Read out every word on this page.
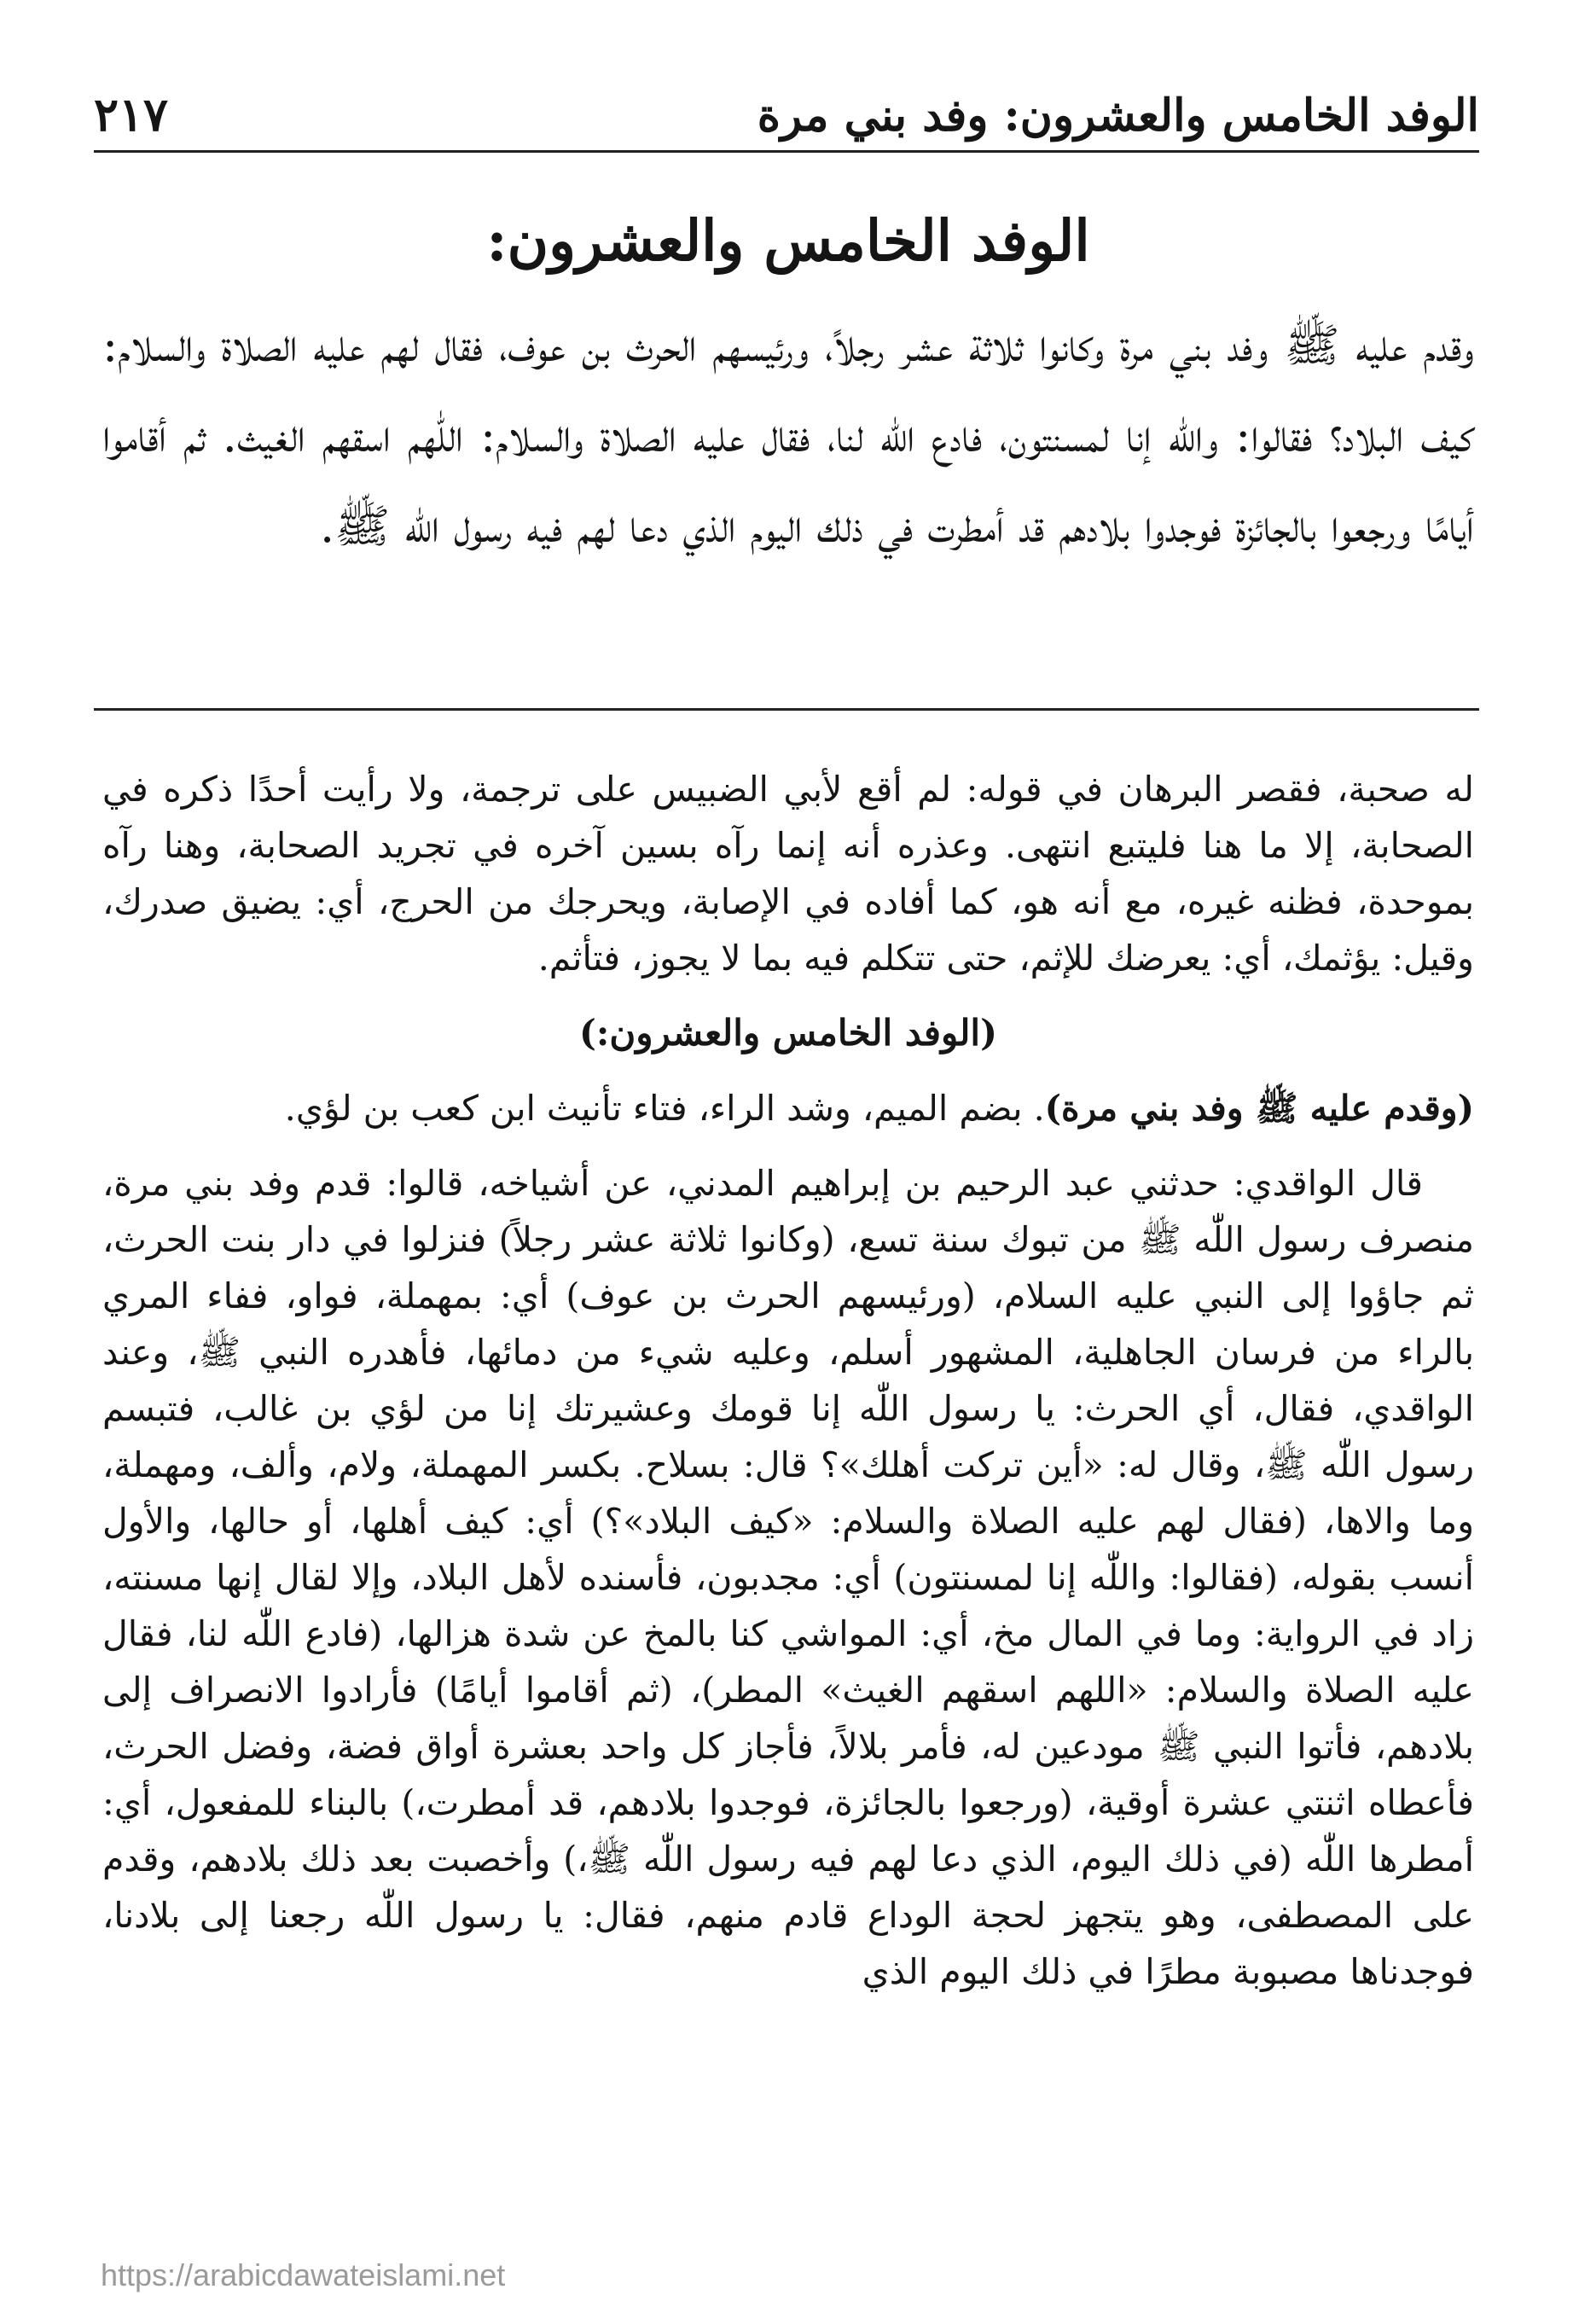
الوفد الخامس والعشرون: وفد بني مرة
٢١٧
الوفد الخامس والعشرون:

وقدم عليه ﷺ وفد بني مرة وكانوا ثلاثة عشر رجلاً، ورئيسهم الحرث بن عوف، فقال لهم عليه الصلاة والسلام: كيف البلاد؟ فقالوا: والله إنا لمسنتون، فادع الله لنا، فقال عليه الصلاة والسلام: اللّٰهم اسقهم الغيث. ثم أقاموا أيامًا ورجعوا بالجائزة فوجدوا بلادهم قد أمطرت في ذلك اليوم الذي دعا لهم فيه رسول الله ﷺ.

له صحبة، فقصر البرهان في قوله: لم أقع لأبي الضبيس على ترجمة، ولا رأيت أحدًا ذكره في الصحابة، إلا ما هنا فليتبع انتهى. وعذره أنه إنما رآه بسين آخره في تجريد الصحابة، وهنا رآه بموحدة، فظنه غيره، مع أنه هو، كما أفاده في الإصابة، ويحرجك من الحرج، أي: يضيق صدرك، وقيل: يؤثمك، أي: يعرضك للإثم، حتى تتكلم فيه بما لا يجوز، فتأثم.

(الوفد الخامس والعشرون:)

(وقدم عليه ﷺ وفد بني مرة). بضم الميم، وشد الراء، فتاء تأنيث ابن كعب بن لؤي.

قال الواقدي: حدثني عبد الرحيم بن إبراهيم المدني، عن أشياخه، قالوا: قدم وفد بني مرة، منصرف رسول اللّٰه ﷺ من تبوك سنة تسع، (وكانوا ثلاثة عشر رجلاً) فنزلوا في دار بنت الحرث، ثم جاؤوا إلى النبي عليه السلام، (ورئيسهم الحرث بن عوف) أي: بمهملة، فواو، ففاء المري بالراء من فرسان الجاهلية، المشهور أسلم، وعليه شيء من دمائها، فأهدره النبي ﷺ، وعند الواقدي، فقال، أي الحرث: يا رسول اللّٰه إنا قومك وعشيرتك إنا من لؤي بن غالب، فتبسم رسول اللّٰه ﷺ، وقال له: «أين تركت أهلك»؟ قال: بسلاح. بكسر المهملة، ولام، وألف، ومهملة، وما والاها، (فقال لهم عليه الصلاة والسلام: «كيف البلاد»؟) أي: كيف أهلها، أو حالها، والأول أنسب بقوله، (فقالوا: واللّٰه إنا لمسنتون) أي: مجدبون، فأسنده لأهل البلاد، وإلا لقال إنها مسنته، زاد في الرواية: وما في المال مخ، أي: المواشي كنا بالمخ عن شدة هزالها، (فادع اللّٰه لنا، فقال عليه الصلاة والسلام: «اللهم اسقهم الغيث» المطر)، (ثم أقاموا أيامًا) فأرادوا الانصراف إلى بلادهم، فأتوا النبي ﷺ مودعين له، فأمر بلالاً، فأجاز كل واحد بعشرة أواق فضة، وفضل الحرث، فأعطاه اثنتي عشرة أوقية، (ورجعوا بالجائزة، فوجدوا بلادهم، قد أمطرت،) بالبناء للمفعول، أي: أمطرها اللّٰه (في ذلك اليوم، الذي دعا لهم فيه رسول اللّٰه ﷺ،) وأخصبت بعد ذلك بلادهم، وقدم على المصطفى، وهو يتجهز لحجة الوداع قادم منهم، فقال: يا رسول اللّٰه رجعنا إلى بلادنا، فوجدناها مصبوبة مطرًا في ذلك اليوم الذي

https://arabicdawateislami.net
